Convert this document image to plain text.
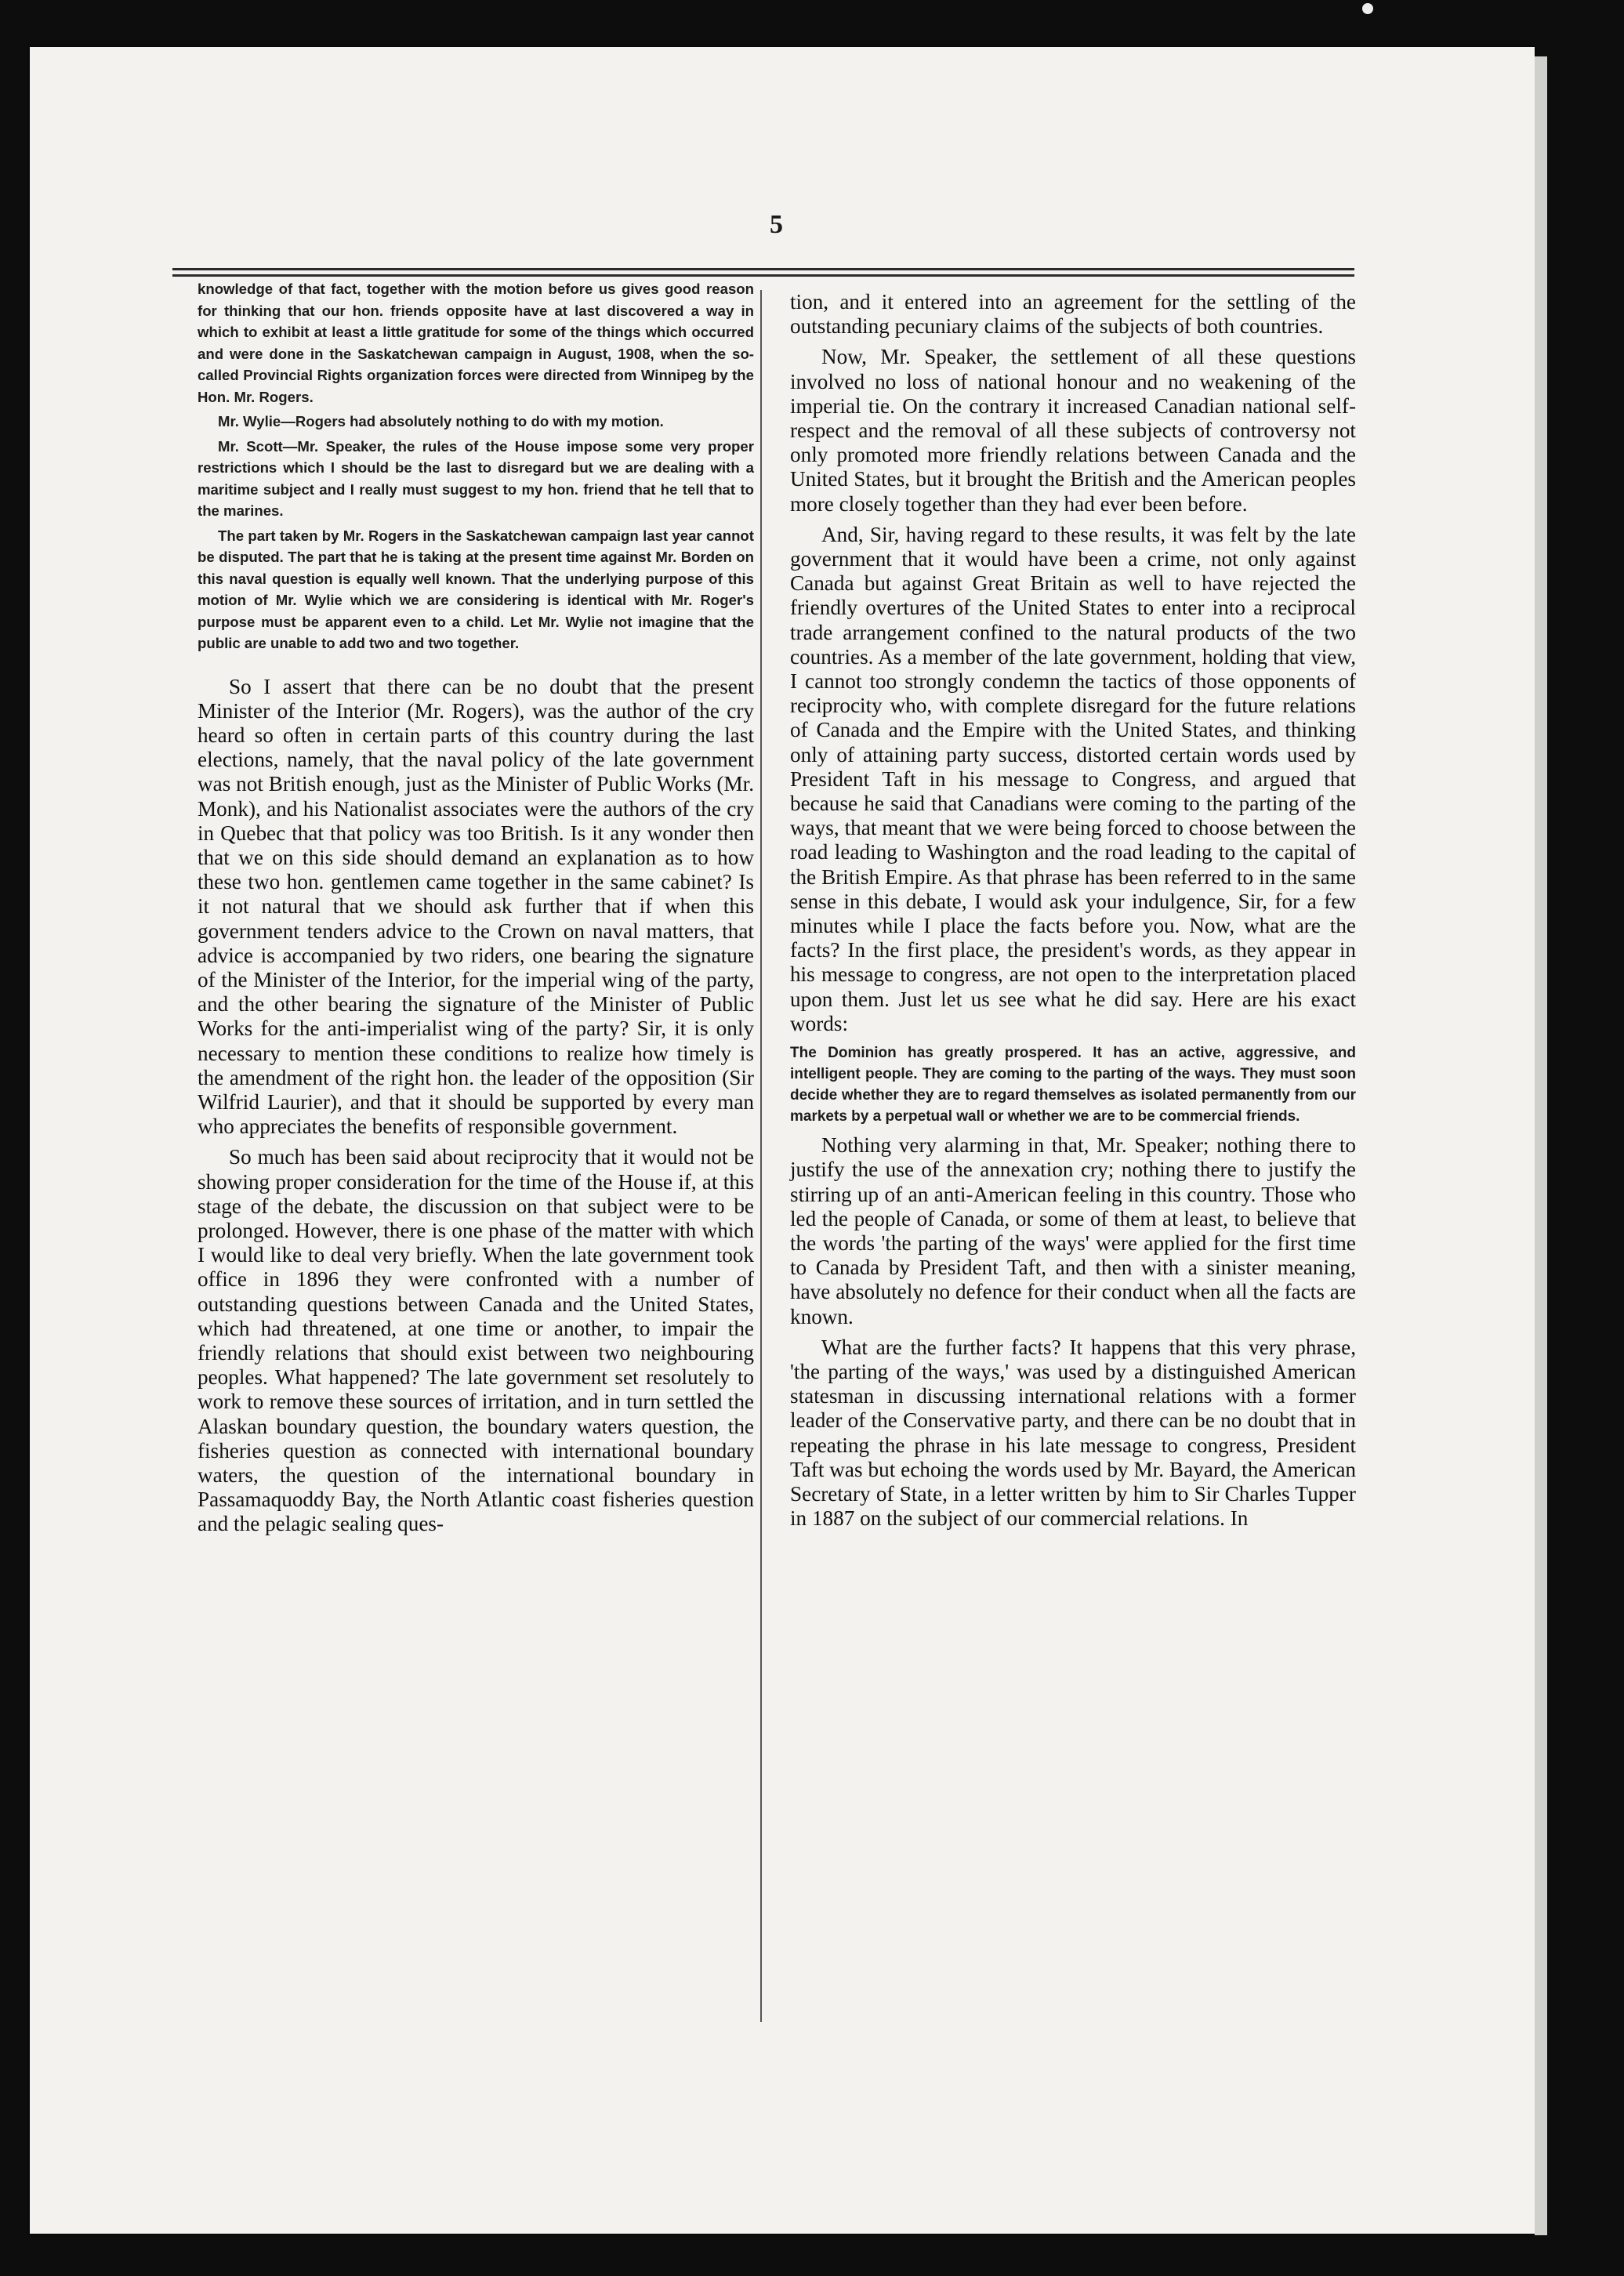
5

knowledge of that fact, together with the motion before us gives good reason for thinking that our hon. friends opposite have at last discovered a way in which to exhibit at least a little gratitude for some of the things which occurred and were done in the Saskatchewan campaign in August, 1908, when the so-called Provincial Rights organization forces were directed from Winnipeg by the Hon. Mr. Rogers.

Mr. Wylie—Rogers had absolutely nothing to do with my motion.

Mr. Scott—Mr. Speaker, the rules of the House impose some very proper restrictions which I should be the last to disregard but we are dealing with a maritime subject and I really must suggest to my hon. friend that he tell that to the marines.

The part taken by Mr. Rogers in the Saskatchewan campaign last year cannot be disputed. The part that he is taking at the present time against Mr. Borden on this naval question is equally well known. That the underlying purpose of this motion of Mr. Wylie which we are considering is identical with Mr. Roger's purpose must be apparent even to a child. Let Mr. Wylie not imagine that the public are unable to add two and two together.

So I assert that there can be no doubt that the present Minister of the Interior (Mr. Rogers), was the author of the cry heard so often in certain parts of this country during the last elections, namely, that the naval policy of the late government was not British enough, just as the Minister of Public Works (Mr. Monk), and his Nationalist associates were the authors of the cry in Quebec that that policy was too British. Is it any wonder then that we on this side should demand an explanation as to how these two hon. gentlemen came together in the same cabinet? Is it not natural that we should ask further that if when this government tenders advice to the Crown on naval matters, that advice is accompanied by two riders, one bearing the signature of the Minister of the Interior, for the imperial wing of the party, and the other bearing the signature of the Minister of Public Works for the anti-imperialist wing of the party? Sir, it is only necessary to mention these conditions to realize how timely is the amendment of the right hon. the leader of the opposition (Sir Wilfrid Laurier), and that it should be supported by every man who appreciates the benefits of responsible government.

So much has been said about reciprocity that it would not be showing proper consideration for the time of the House if, at this stage of the debate, the discussion on that subject were to be prolonged. However, there is one phase of the matter with which I would like to deal very briefly. When the late government took office in 1896 they were confronted with a number of outstanding questions between Canada and the United States, which had threatened, at one time or another, to impair the friendly relations that should exist between two neighbouring peoples. What happened? The late government set resolutely to work to remove these sources of irritation, and in turn settled the Alaskan boundary question, the boundary waters question, the fisheries question as connected with international boundary waters, the question of the international boundary in Passamaquoddy Bay, the North Atlantic coast fisheries question and the pelagic sealing ques-

tion, and it entered into an agreement for the settling of the outstanding pecuniary claims of the subjects of both countries.

Now, Mr. Speaker, the settlement of all these questions involved no loss of national honour and no weakening of the imperial tie. On the contrary it increased Canadian national self-respect and the removal of all these subjects of controversy not only promoted more friendly relations between Canada and the United States, but it brought the British and the American peoples more closely together than they had ever been before.

And, Sir, having regard to these results, it was felt by the late government that it would have been a crime, not only against Canada but against Great Britain as well to have rejected the friendly overtures of the United States to enter into a reciprocal trade arrangement confined to the natural products of the two countries. As a member of the late government, holding that view, I cannot too strongly condemn the tactics of those opponents of reciprocity who, with complete disregard for the future relations of Canada and the Empire with the United States, and thinking only of attaining party success, distorted certain words used by President Taft in his message to Congress, and argued that because he said that Canadians were coming to the parting of the ways, that meant that we were being forced to choose between the road leading to Washington and the road leading to the capital of the British Empire. As that phrase has been referred to in the same sense in this debate, I would ask your indulgence, Sir, for a few minutes while I place the facts before you. Now, what are the facts? In the first place, the president's words, as they appear in his message to congress, are not open to the interpretation placed upon them. Just let us see what he did say. Here are his exact words:

The Dominion has greatly prospered. It has an active, aggressive, and intelligent people. They are coming to the parting of the ways. They must soon decide whether they are to regard themselves as isolated permanently from our markets by a perpetual wall or whether we are to be commercial friends.

Nothing very alarming in that, Mr. Speaker; nothing there to justify the use of the annexation cry; nothing there to justify the stirring up of an anti-American feeling in this country. Those who led the people of Canada, or some of them at least, to believe that the words 'the parting of the ways' were applied for the first time to Canada by President Taft, and then with a sinister meaning, have absolutely no defence for their conduct when all the facts are known.

What are the further facts? It happens that this very phrase, 'the parting of the ways,' was used by a distinguished American statesman in discussing international relations with a former leader of the Conservative party, and there can be no doubt that in repeating the phrase in his late message to congress, President Taft was but echoing the words used by Mr. Bayard, the American Secretary of State, in a letter written by him to Sir Charles Tupper in 1887 on the subject of our commercial relations. In
